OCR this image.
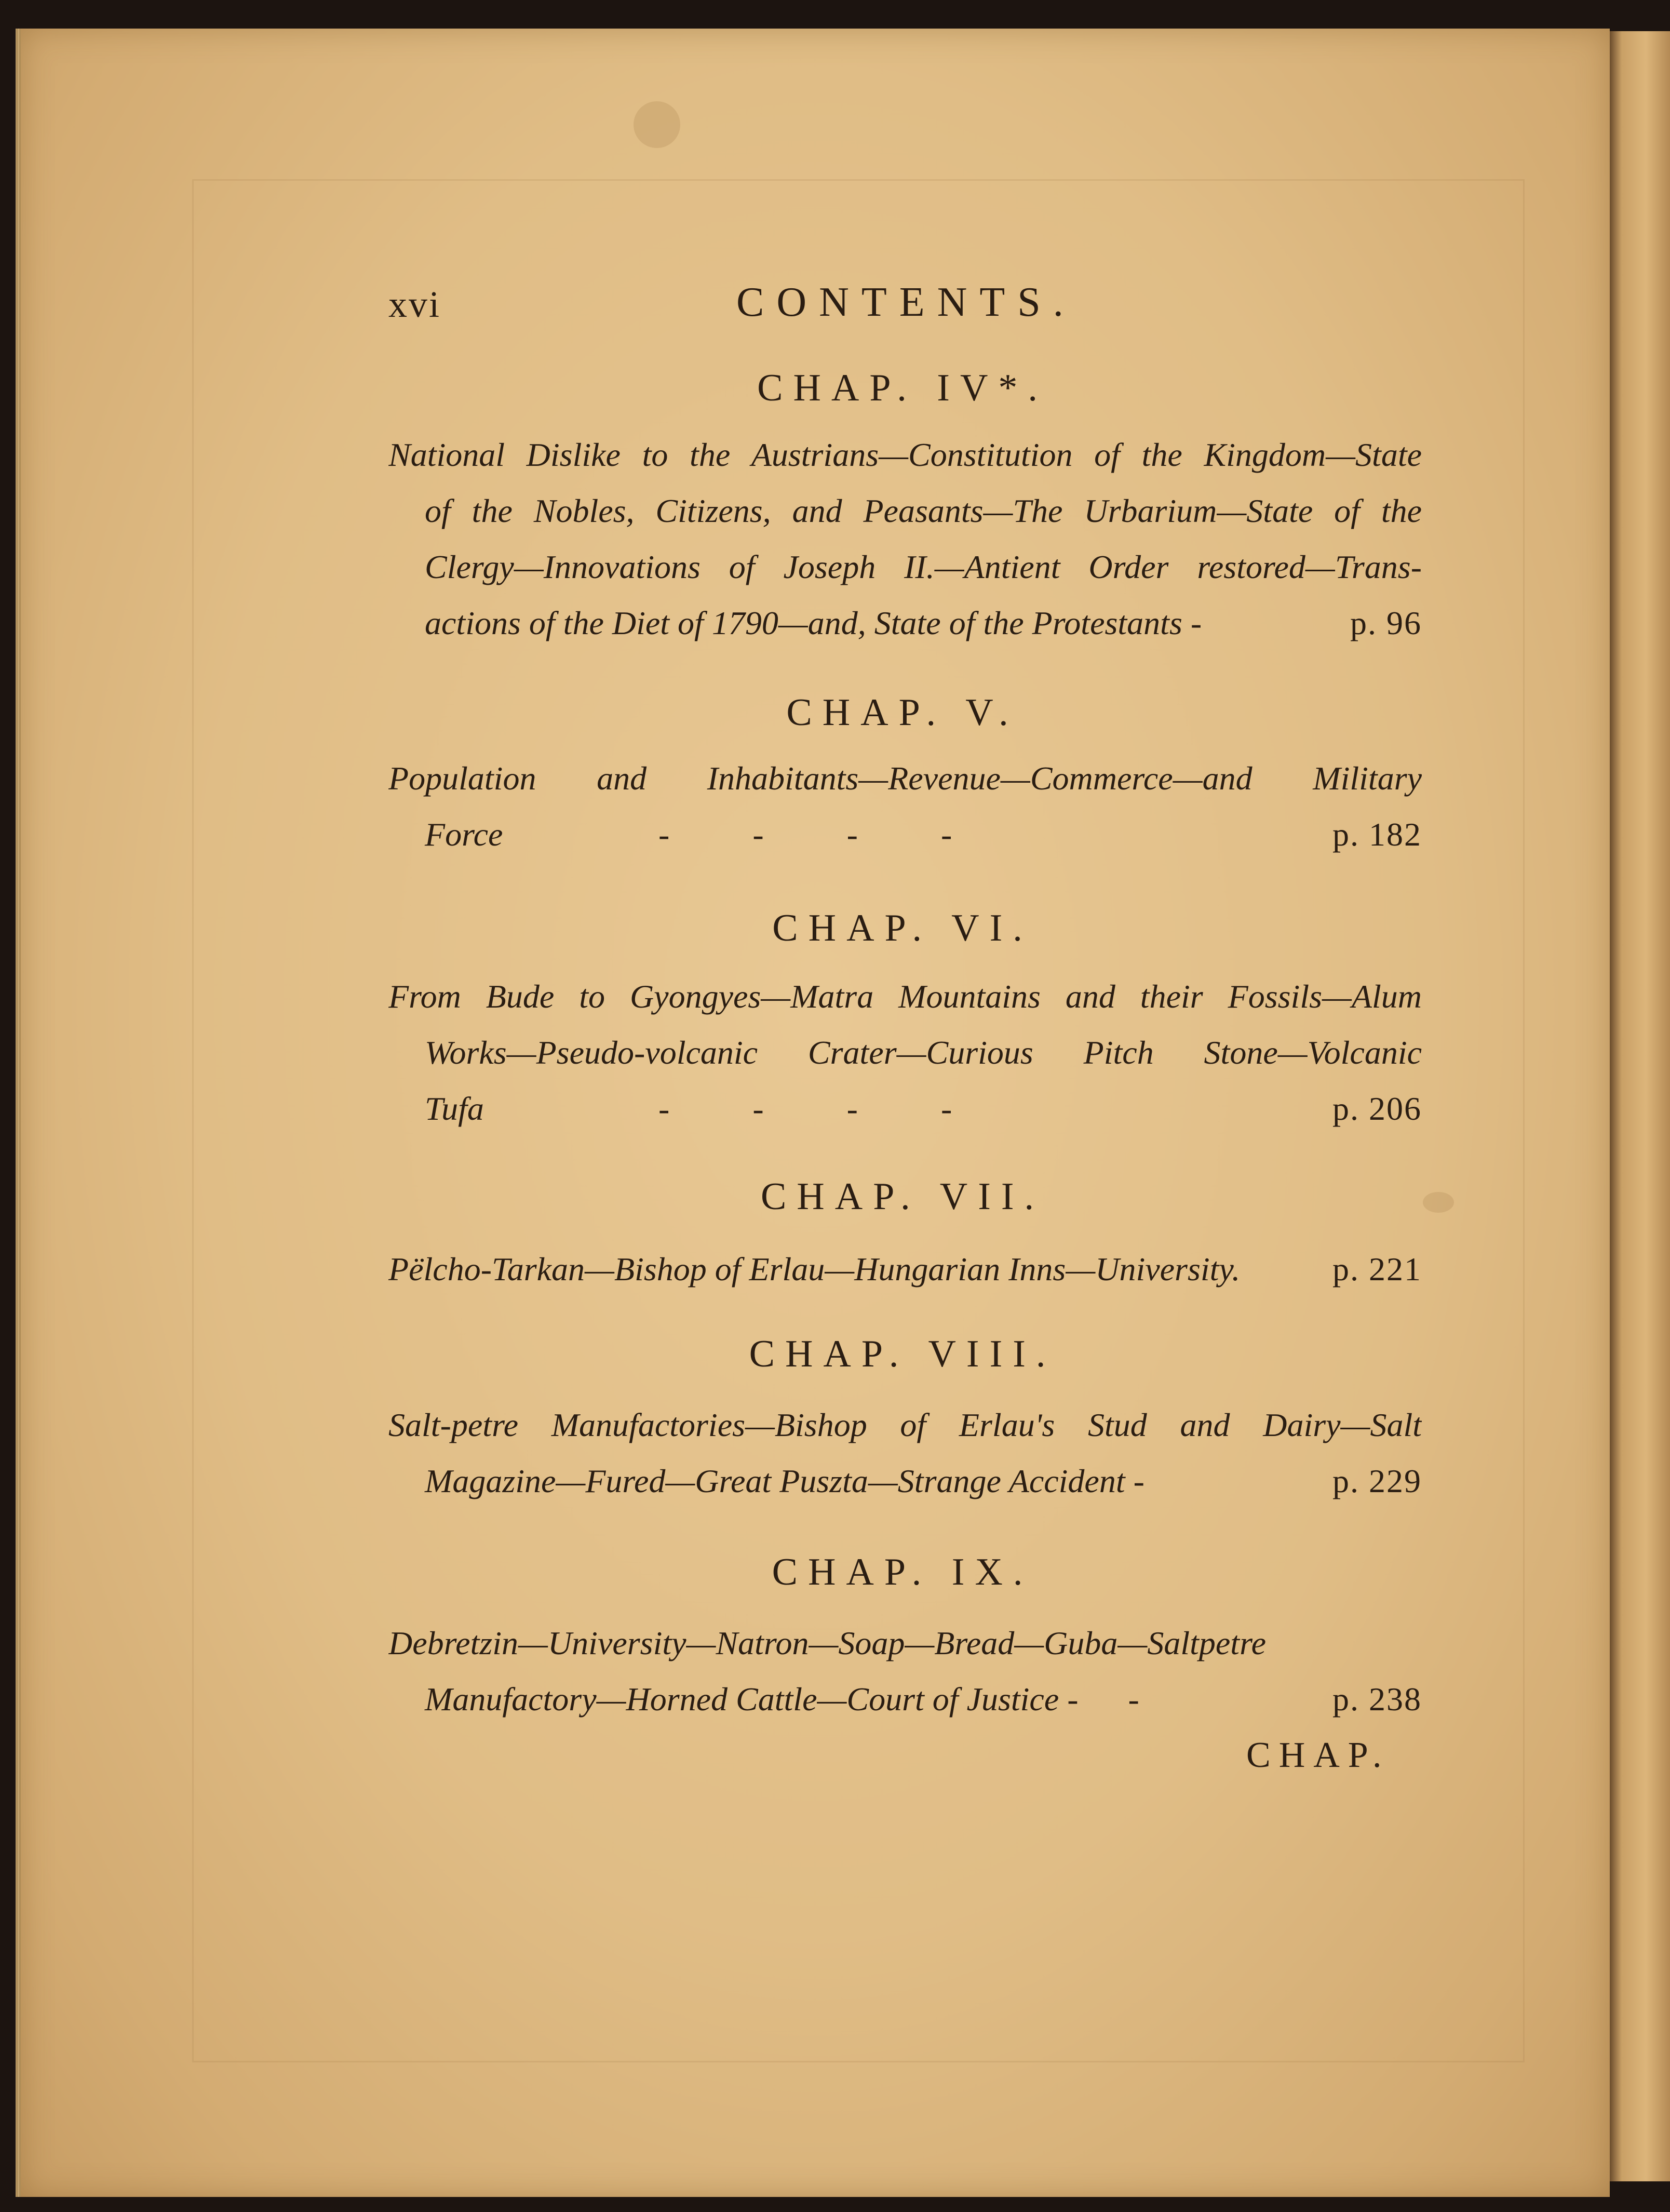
xvi	CONTENTS.
CHAP. IV*.
National Dislike to the Austrians—Constitution of the Kingdom—State
of the Nobles, Citizens, and Peasants—The Urbarium—State of the
Clergy—Innovations of Joseph II.—Antient Order restored—Trans-
actions of the Diet of 1790—and, State of the Protestants -	p. 96
CHAP. V.
Population and Inhabitants—Revenue—Commerce—and Military
Force	-          -          -          -	p. 182
CHAP. VI.
From Bude to Gyongyes—Matra Mountains and their Fossils—Alum
Works—Pseudo-volcanic Crater—Curious Pitch Stone—Volcanic
Tufa	-          -          -          -	p. 206
CHAP. VII.
Pëlcho-Tarkan—Bishop of Erlau—Hungarian Inns—University.	p. 221
CHAP. VIII.
Salt-petre Manufactories—Bishop of Erlau's Stud and Dairy—Salt
Magazine—Fured—Great Puszta—Strange Accident -	p. 229
CHAP. IX.
Debretzin—University—Natron—Soap—Bread—Guba—Saltpetre
Manufactory—Horned Cattle—Court of Justice -      -	p. 238
CHAP.
